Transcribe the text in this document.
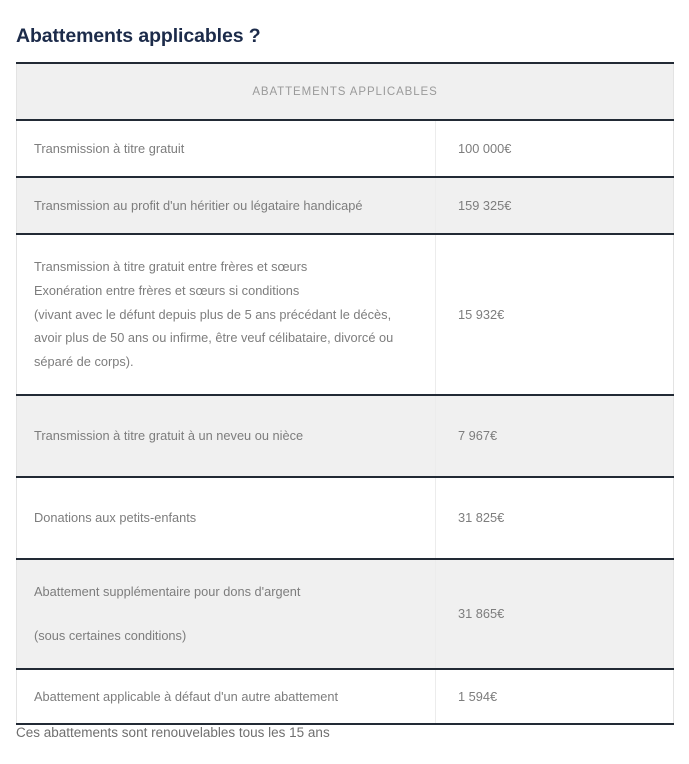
Abattements applicables ?
ABATTEMENTS APPLICABLES	

Transmission à titre gratuit	100 000€

Transmission au profit d'un héritier ou légataire handicapé	159 325€

Transmission à titre gratuit entre frères et sœurs
Exonération entre frères et sœurs si conditions
(vivant avec le défunt depuis plus de 5 ans précédant le décès,
avoir plus de 50 ans ou infirme, être veuf célibataire, divorcé ou
séparé de corps).	15 932€

Transmission à titre gratuit à un neveu ou nièce	7 967€

Donations aux petits-enfants	31 825€

Abattement supplémentaire pour dons d'argent
(sous certaines conditions)	31 865€

Abattement applicable à défaut d'un autre abattement	1 594€
Ces abattements sont renouvelables tous les 15 ans
